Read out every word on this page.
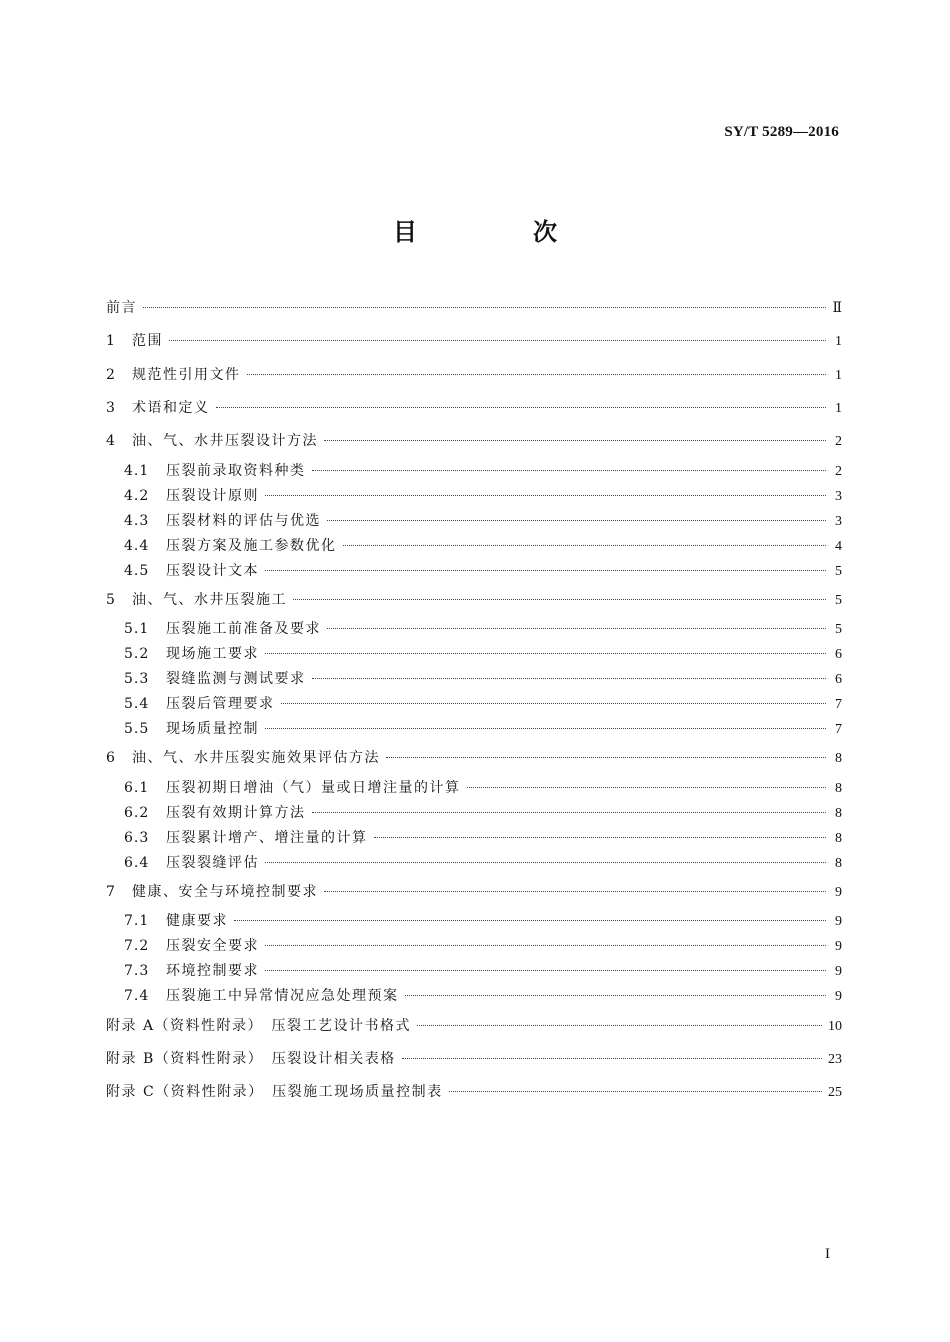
SY/T 5289—2016
目　次
前言	Ⅱ
1	范围	1
2	规范性引用文件	1
3	术语和定义	1
4	油、气、水井压裂设计方法	2
4.1	压裂前录取资料种类	2
4.2	压裂设计原则	3
4.3	压裂材料的评估与优选	3
4.4	压裂方案及施工参数优化	4
4.5	压裂设计文本	5
5	油、气、水井压裂施工	5
5.1	压裂施工前准备及要求	5
5.2	现场施工要求	6
5.3	裂缝监测与测试要求	6
5.4	压裂后管理要求	7
5.5	现场质量控制	7
6	油、气、水井压裂实施效果评估方法	8
6.1	压裂初期日增油（气）量或日增注量的计算	8
6.2	压裂有效期计算方法	8
6.3	压裂累计增产、增注量的计算	8
6.4	压裂裂缝评估	8
7	健康、安全与环境控制要求	9
7.1	健康要求	9
7.2	压裂安全要求	9
7.3	环境控制要求	9
7.4	压裂施工中异常情况应急处理预案	9
附录 A（资料性附录）　压裂工艺设计书格式	10
附录 B（资料性附录）　压裂设计相关表格	23
附录 C（资料性附录）　压裂施工现场质量控制表	25
I
